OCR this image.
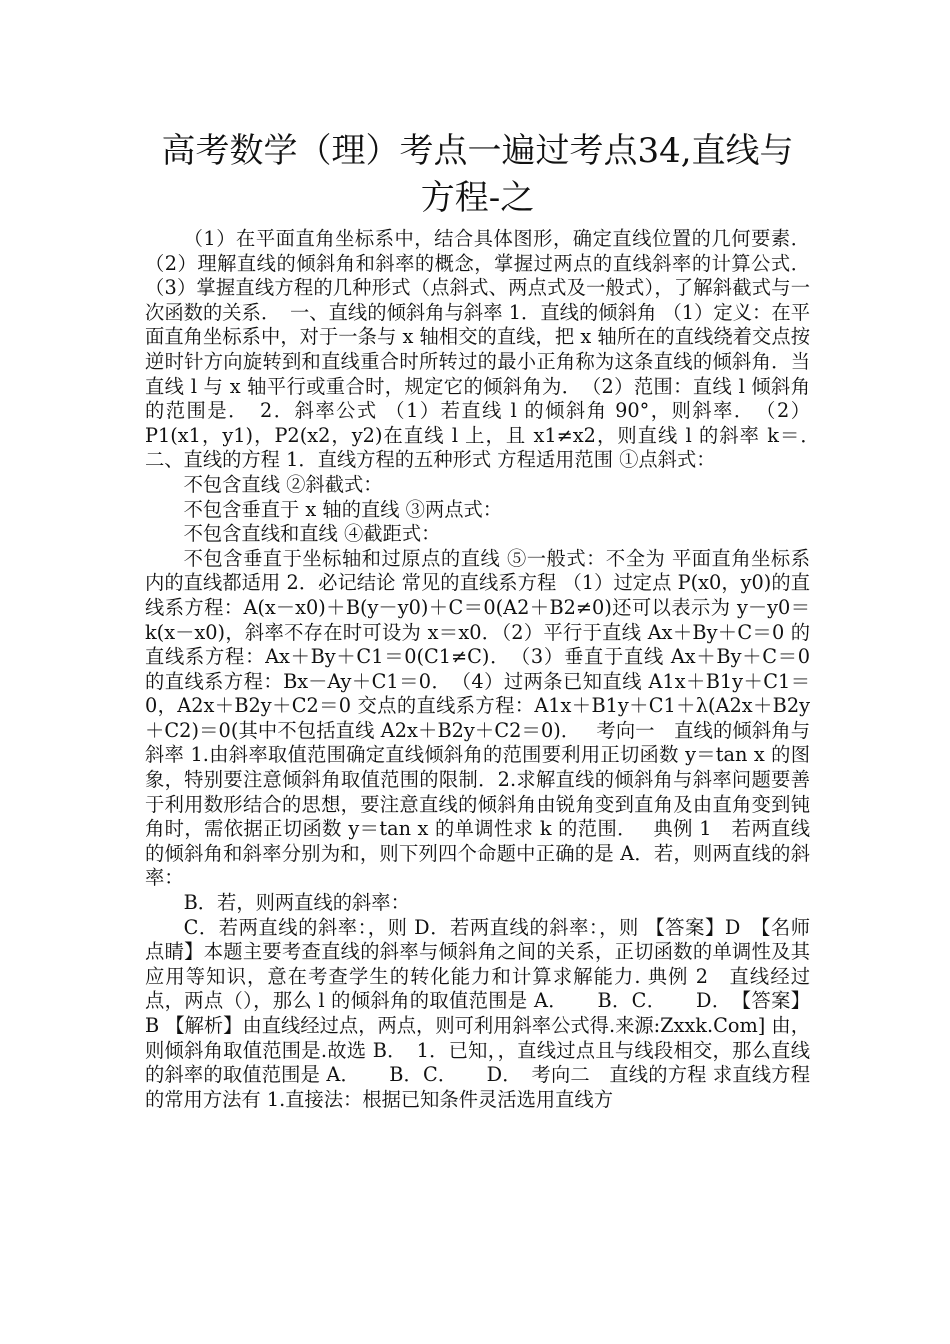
高考数学（理）考点一遍过考点34,直线与方程-之

（1）在平面直角坐标系中，结合具体图形，确定直线位置的几何要素．（2）理解直线的倾斜角和斜率的概念，掌握过两点的直线斜率的计算公式．（3）掌握直线方程的几种形式（点斜式、两点式及一般式），了解斜截式与一次函数的关系．　一、直线的倾斜角与斜率 1．直线的倾斜角 （1）定义：在平面直角坐标系中，对于一条与 x 轴相交的直线，把 x 轴所在的直线绕着交点按逆时针方向旋转到和直线重合时所转过的最小正角称为这条直线的倾斜角．当直线 l 与 x 轴平行或重合时，规定它的倾斜角为．　（2）范围：直线 l 倾斜角的范围是．　2．斜率公式 （1）若直线 l 的倾斜角 90°，则斜率．　（2）P1(x1，y1)，P2(x2，y2)在直线 l 上，且 x1≠x2，则直线 l 的斜率 k＝．　二、直线的方程 1．直线方程的五种形式 方程适用范围 ①点斜式：

不包含直线 ②斜截式：

不包含垂直于 x 轴的直线 ③两点式：

不包含直线和直线 ④截距式：

不包含垂直于坐标轴和过原点的直线 ⑤一般式：不全为 平面直角坐标系内的直线都适用 2．必记结论 常见的直线系方程 （1）过定点 P(x0，y0)的直线系方程：A(x－x0)＋B(y－y0)＋C＝0(A2＋B2≠0)还可以表示为 y－y0＝k(x－x0)，斜率不存在时可设为 x＝x0．（2）平行于直线 Ax＋By＋C＝0 的直线系方程：Ax＋By＋C1＝0(C1≠C)．　（3）垂直于直线 Ax＋By＋C＝0 的直线系方程：Bx－Ay＋C1＝0．　（4）过两条已知直线 A1x＋B1y＋C1＝0，A2x＋B2y＋C2＝0 交点的直线系方程：A1x＋B1y＋C1＋λ(A2x＋B2y＋C2)＝0(其中不包括直线 A2x＋B2y＋C2＝0)．　 考向一　直线的倾斜角与斜率 1.由斜率取值范围确定直线倾斜角的范围要利用正切函数 y＝tan x 的图象，特别要注意倾斜角取值范围的限制．2.求解直线的倾斜角与斜率问题要善于利用数形结合的思想，要注意直线的倾斜角由锐角变到直角及由直角变到钝角时，需依据正切函数 y＝tan x 的单调性求 k 的范围．　 典例 1　若两直线的倾斜角和斜率分别为和，则下列四个命题中正确的是 A．若，则两直线的斜率：

B．若，则两直线的斜率：

C．若两直线的斜率：，则 D．若两直线的斜率：，则 【答案】D　【名师点睛】本题主要考查直线的斜率与倾斜角之间的关系，正切函数的单调性及其应用等知识，意在考查学生的转化能力和计算求解能力. 典例 2　直线经过点，两点（），那么 l 的倾斜角的取值范围是 A．　　B．C．　　D．　【答案】B 【解析】由直线经过点，两点，则可利用斜率公式得.来源:Zxxk.Com] 由，则倾斜角取值范围是.故选 B．　1．已知，，直线过点且与线段相交，那么直线的斜率的取值范围是 A．　　B．C．　　D．　考向二　直线的方程 求直线方程的常用方法有 1.直接法：根据已知条件灵活选用直线方
